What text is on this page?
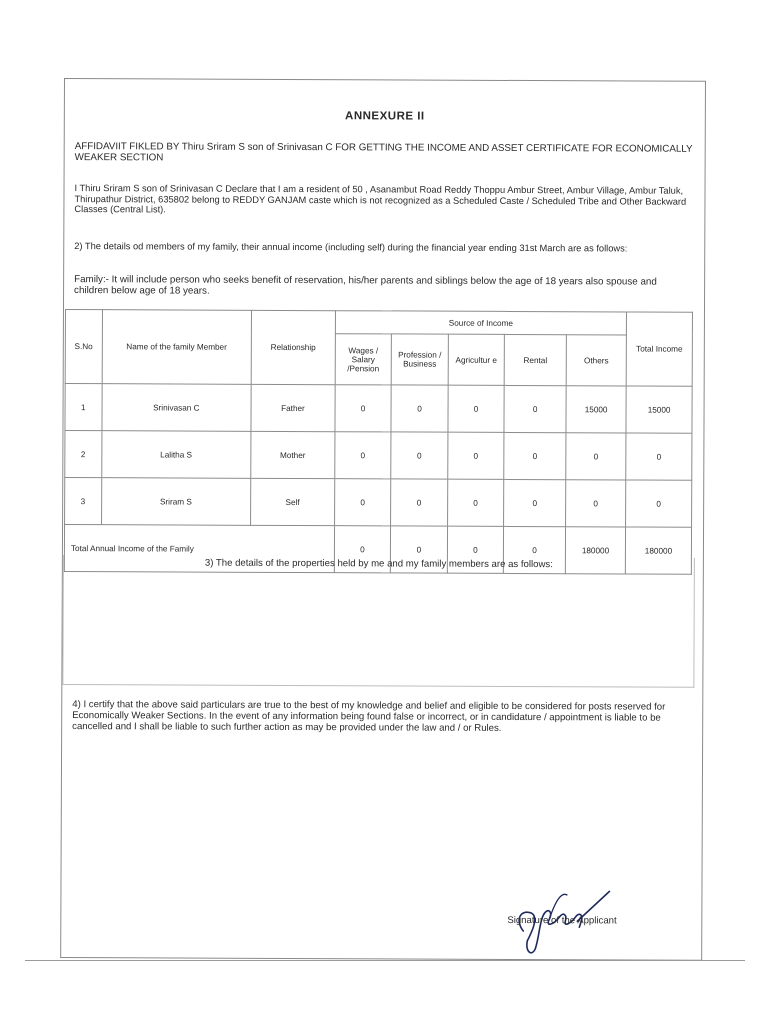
ANNEXURE II
AFFIDAVIIT FIKLED BY Thiru Sriram S son of Srinivasan C FOR GETTING THE INCOME AND ASSET CERTIFICATE FOR ECONOMICALLY WEAKER SECTION
I Thiru Sriram S son of Srinivasan C Declare that I am a resident of 50 , Asanambut Road Reddy Thoppu Ambur Street, Ambur Village, Ambur Taluk, Thirupathur District, 635802 belong to REDDY GANJAM caste which is not recognized as a Scheduled Caste / Scheduled Tribe and Other Backward Classes (Central List).
2) The details od members of my family, their annual income (including self) during the financial year ending 31st March are as follows:
Family:- It will include person who seeks benefit of reservation, his/her parents and siblings below the age of 18 years also spouse and children below age of 18 years.
S.No	Name of the family Member	Relationship	Source of Income					Total Income
			Wages / Salary /Pension	Profession / Business	Agricultur e	Rental	Others	
1	Srinivasan C	Father	0	0	0	0	15000	15000
2	Lalitha S	Mother	0	0	0	0	0	0
3	Sriram S	Self	0	0	0	0	0	0
Total Annual Income of the Family			0	0	0	0	180000	180000
3) The details of the properties held by me and my family members are as follows:
4) I certify that the above said particulars are true to the best of my knowledge and belief and eligible to be considered for posts reserved for Economically Weaker Sections. In the event of any information being found false or incorrect, or in candidature / appointment is liable to be cancelled and I shall be liable to such further action as may be provided under the law and / or Rules.
Signature of the Applicant
